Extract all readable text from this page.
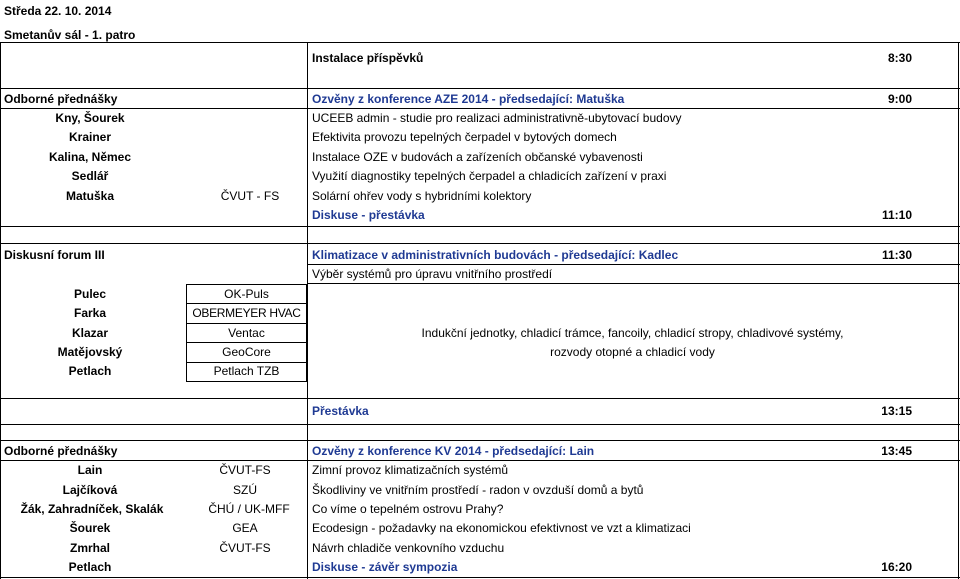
Středa 22. 10. 2014
Smetanův sál - 1. patro
Instalace příspěvků	8:30
Odborné přednášky	Ozvěny z konference AZE 2014 - předsedající: Matuška	9:00
Kny, Šourek	UCEEB admin - studie pro realizaci administrativně-ubytovací budovy
Krainer	Efektivita provozu tepelných čerpadel v bytových domech
Kalina, Němec	Instalace OZE v budovách a zařízeních občanské vybavenosti
Sedlář	Využití diagnostiky tepelných čerpadel a chladicích zařízení v praxi
Matuška	ČVUT - FS	Solární ohřev vody s hybridními kolektory
Diskuse - přestávka	11:10
Diskusní forum III	Klimatizace v administrativních budovách - předsedající: Kadlec	11:30
Výběr systémů pro úpravu vnitřního prostředí
Pulec	OK-Puls
Farka	OBERMEYER HVAC
Klazar	Ventac
Matějovský	GeoCore
Petlach	Petlach TZB
Indukční jednotky, chladicí trámce, fancoily, chladicí stropy, chladivové systémy,
rozvody otopné a chladicí vody
Přestávka	13:15
Odborné přednášky	Ozvěny z konference KV 2014 - předsedající: Lain	13:45
Lain	ČVUT-FS	Zimní provoz klimatizačních systémů
Lajčíková	SZÚ	Škodliviny ve vnitřním prostředí - radon v ovzduší domů a bytů
Žák, Zahradníček, Skalák	ČHÚ / UK-MFF	Co víme o tepelném ostrovu Prahy?
Šourek	GEA	Ecodesign - požadavky na ekonomickou efektivnost ve vzt a klimatizaci
Zmrhal	ČVUT-FS	Návrh chladiče venkovního vzduchu
Petlach	Diskuse - závěr sympozia	16:20
